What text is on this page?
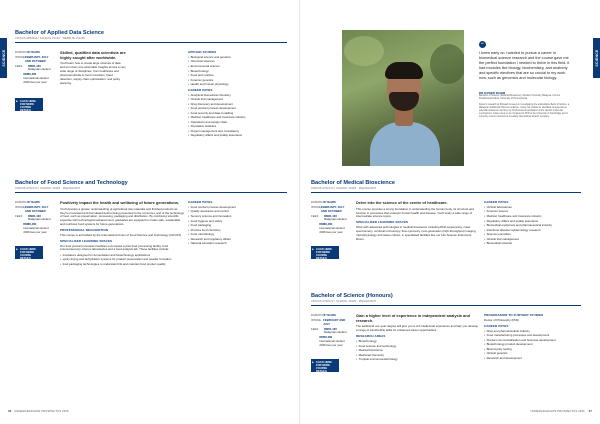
SCIENCE	SCIENCE
Bachelor of Applied Data Science
CRICOS 086433A | SCHOOL 15125 · WEBSITE 151236
DURATION
3 YEARS
INTAKE FEBRUARY, JULY AND OCTOBER
FEES	RM81,160
Malaysian student
RM89,480
International student 2026 fees per year
▸ CLICK HERE FOR MORE COURSE DETAILS
Skilled, qualified data scientists are highly sought after worldwide.

You'll learn how to create large volumes of data and turn them into actionable insights across a very wide range of disciplines, from healthcare and pharmaceuticals to food innovation, fraud detection, supply chain optimisation, and policy planning.

APPLIED STUDIES
• Biological science and genetics
• Chemical sciences
• Environmental science
• Biotechnology
• Food and nutrition
• Forensic genetics
• Health and human physiology
CAREER PATHS
• Analytical biomedical chemistry
• Clinical trial management
• Drug discovery and development
• Food product process development
• Food security and data modelling
• Medical, healthcare and insurance industry
• Operations and supply chain
• Population statistics
• Project management and consultancy
• Regulatory affairs and quality assurance
Bachelor of Food Science and Technology
CRICOS 079217C | SCHOOL 15125 · MQA/FA/2670
DURATION
3 YEARS
INTAKE FEBRUARY, JULY AND OCTOBER
FEES	RM81,160
Malaysian student
RM88,480
International student 2026 fees per year
▸ CLICK HERE FOR MORE COURSE DETAILS
Positively impact the health and wellbeing of future generations.

You'll develop a greater understanding of agricultural raw materials and finished products as they're processed and formulated before being presented to the consumer, and of the technology of food, such as preservation, processing, packaging and distribution. By combining scientific expertise with technological advancement, graduates are equipped to create safe, sustainable and nutritious food systems for future generations.

PROFESSIONAL RECOGNITION

This course is accredited by the International Union of Food Science and Technology (IUFoST).

SPECIALISED LEARNING SPACES

Our food product innovation facilities encompass a pilot food processing facility, food science/sensory science laboratories and a food analysis lab. These facilities include:

• Incubators designed for fermentation and biotechnology applications
• spray drying and dehydration systems for product preservation and powder formation
• food packaging technologies to understand life and maintain food product quality
CAREER PATHS
• Food product process development
• Quality assurance and control
• Sensory science and innovation
• Food hygiene and safety
• Food packaging
• Process food chemistry
• Food microbiology
• Research and regulatory affairs
• National education research
“
I knew early on I wanted to pursue a career in biomedical science research and the course gave me the perfect foundation I needed to thrive in this field. It had modules like biology, biochemistry, and anatomy and specific electives that are so crucial to my work now, such as genomics and molecular biology.
DR KAISER RAHIM
Bachelor of Science (Medical Bioscience), Monash University Malaysia. Current Postdoctoral Fellow, University of Pennsylvania
Kaiser's research at Monash focused on investigating the antioxidant effects of licorice, a Malaysian traditional Chinese medicine. Using cell models he identified compounds as potential anticancer and then by biochemical investigation of the specific molecular mechanisms. Kaiser went on to complete his PhD at the University of Cambridge and is currently a senior scientist at a leading international biotech company.
Bachelor of Medical Bioscience
CRICOS 079217C | SCHOOL 15125 · MQA/FA/2670
DURATION
3 YEARS
INTAKE FEBRUARY, JULY AND OCTOBER
FEES	RM81,160
Malaysian student
RM89,480
International student 2026 fees per year
▸ CLICK HERE FOR MORE COURSE DETAILS
Delve into the science of the centre of healthcare.

This course provides a strong foundation in understanding the human body, its structure and function in processes that underpin human health and disease. You'll study a wide range of intermediate science topics.

SPECIALISED LEARNING SPACES

Work with advanced technologies in medical bioscience including DNA sequencing, mass spectrometry, confocal microscopy, flow cytometry, next-generation (high-throughput) imaging, microphysiology and tissue culture, in specialised facilities like our Life Science Instrument Room.

CAREER PATHS
• Clinical laboratories
• Forensic science
• Medical, healthcare and insurance industry
• Regulatory affairs and quality assurance
• Biomedical equipment and pharmaceutical industry
• Infectious disease/ epidemiology research
• Science journalism
• Clinical trial management
• Biomedical scientist
Bachelor of Science (Honours)
CRICOS 079217C | SCHOOL 15125 · MQA/FA/2670
DURATION
1 YEARS
INTAKE FEBRUARY AND JULY
FEES	RM51,160
Malaysian student
RM58,480
International student 2026 fees per year
▸ CLICK HERE FOR MORE COURSE DETAILS
Gain a higher level of experience in independent analysis and research.

The additional one-year degree will give you a rich intellectual experience and help you develop a range of transferable skills for enhanced career opportunities.

RESEARCH AREAS
• Biotechnology
• Food science and technology
• Medical bioscience
• Medicinal chemistry
• Tropical environmental biology
PROGRESSION TO FURTHER STUDIES

Doctor of Philosophy (PhD)

CAREER PATHS
• Drug and pharmaceutical industry
• Food manufacturing processes and development
• Product commercialisation and business development
• Biotechnology product development
• Bioimmunity testing
• Clinical genetics
• Research and development
46 UNDERGRADUATE PROSPECTUS 2026	UNDERGRADUATE PROSPECTUS 2026 47
